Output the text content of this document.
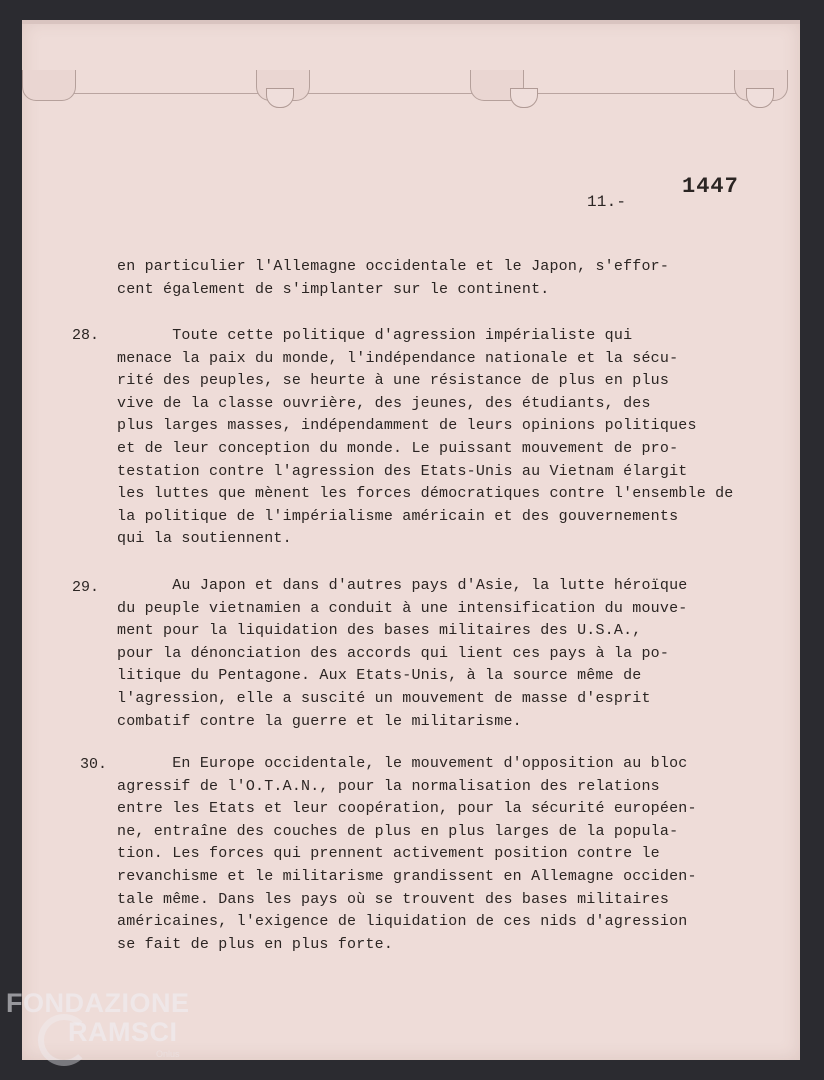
11.-
1447
en particulier l'Allemagne occidentale et le Japon, s'effor-
cent également de s'implanter sur le continent.
28. Toute cette politique d'agression impérialiste qui
menace la paix du monde, l'indépendance nationale et la sécu-
rité des peuples, se heurte à une résistance de plus en plus
vive de la classe ouvrière, des jeunes, des étudiants, des
plus larges masses, indépendamment de leurs opinions politiques
et de leur conception du monde. Le puissant mouvement de pro-
testation contre l'agression des Etats-Unis au Vietnam élargit
les luttes que mènent les forces démocratiques contre l'ensemble de
la politique de l'impérialisme américain et des gouvernements
qui la soutiennent.
29. Au Japon et dans d'autres pays d'Asie, la lutte héroïque
du peuple vietnamien a conduit à une intensification du mouve-
ment pour la liquidation des bases militaires des U.S.A.,
pour la dénonciation des accords qui lient ces pays à la po-
litique du Pentagone. Aux Etats-Unis, à la source même de
l'agression, elle a suscité un mouvement de masse d'esprit
combatif contre la guerre et le militarisme.
30. En Europe occidentale, le mouvement d'opposition au bloc
agressif de l'O.T.A.N., pour la normalisation des relations
entre les Etats et leur coopération, pour la sécurité européen-
ne, entraîne des couches de plus en plus larges de la popula-
tion. Les forces qui prennent activement position contre le
revanchisme et le militarisme grandissent en Allemagne occiden-
tale même. Dans les pays où se trouvent des bases militaires
américaines, l'exigence de liquidation de ces nids d'agression
se fait de plus en plus forte.
FONDAZIONE
RAMSCI
Onlus
